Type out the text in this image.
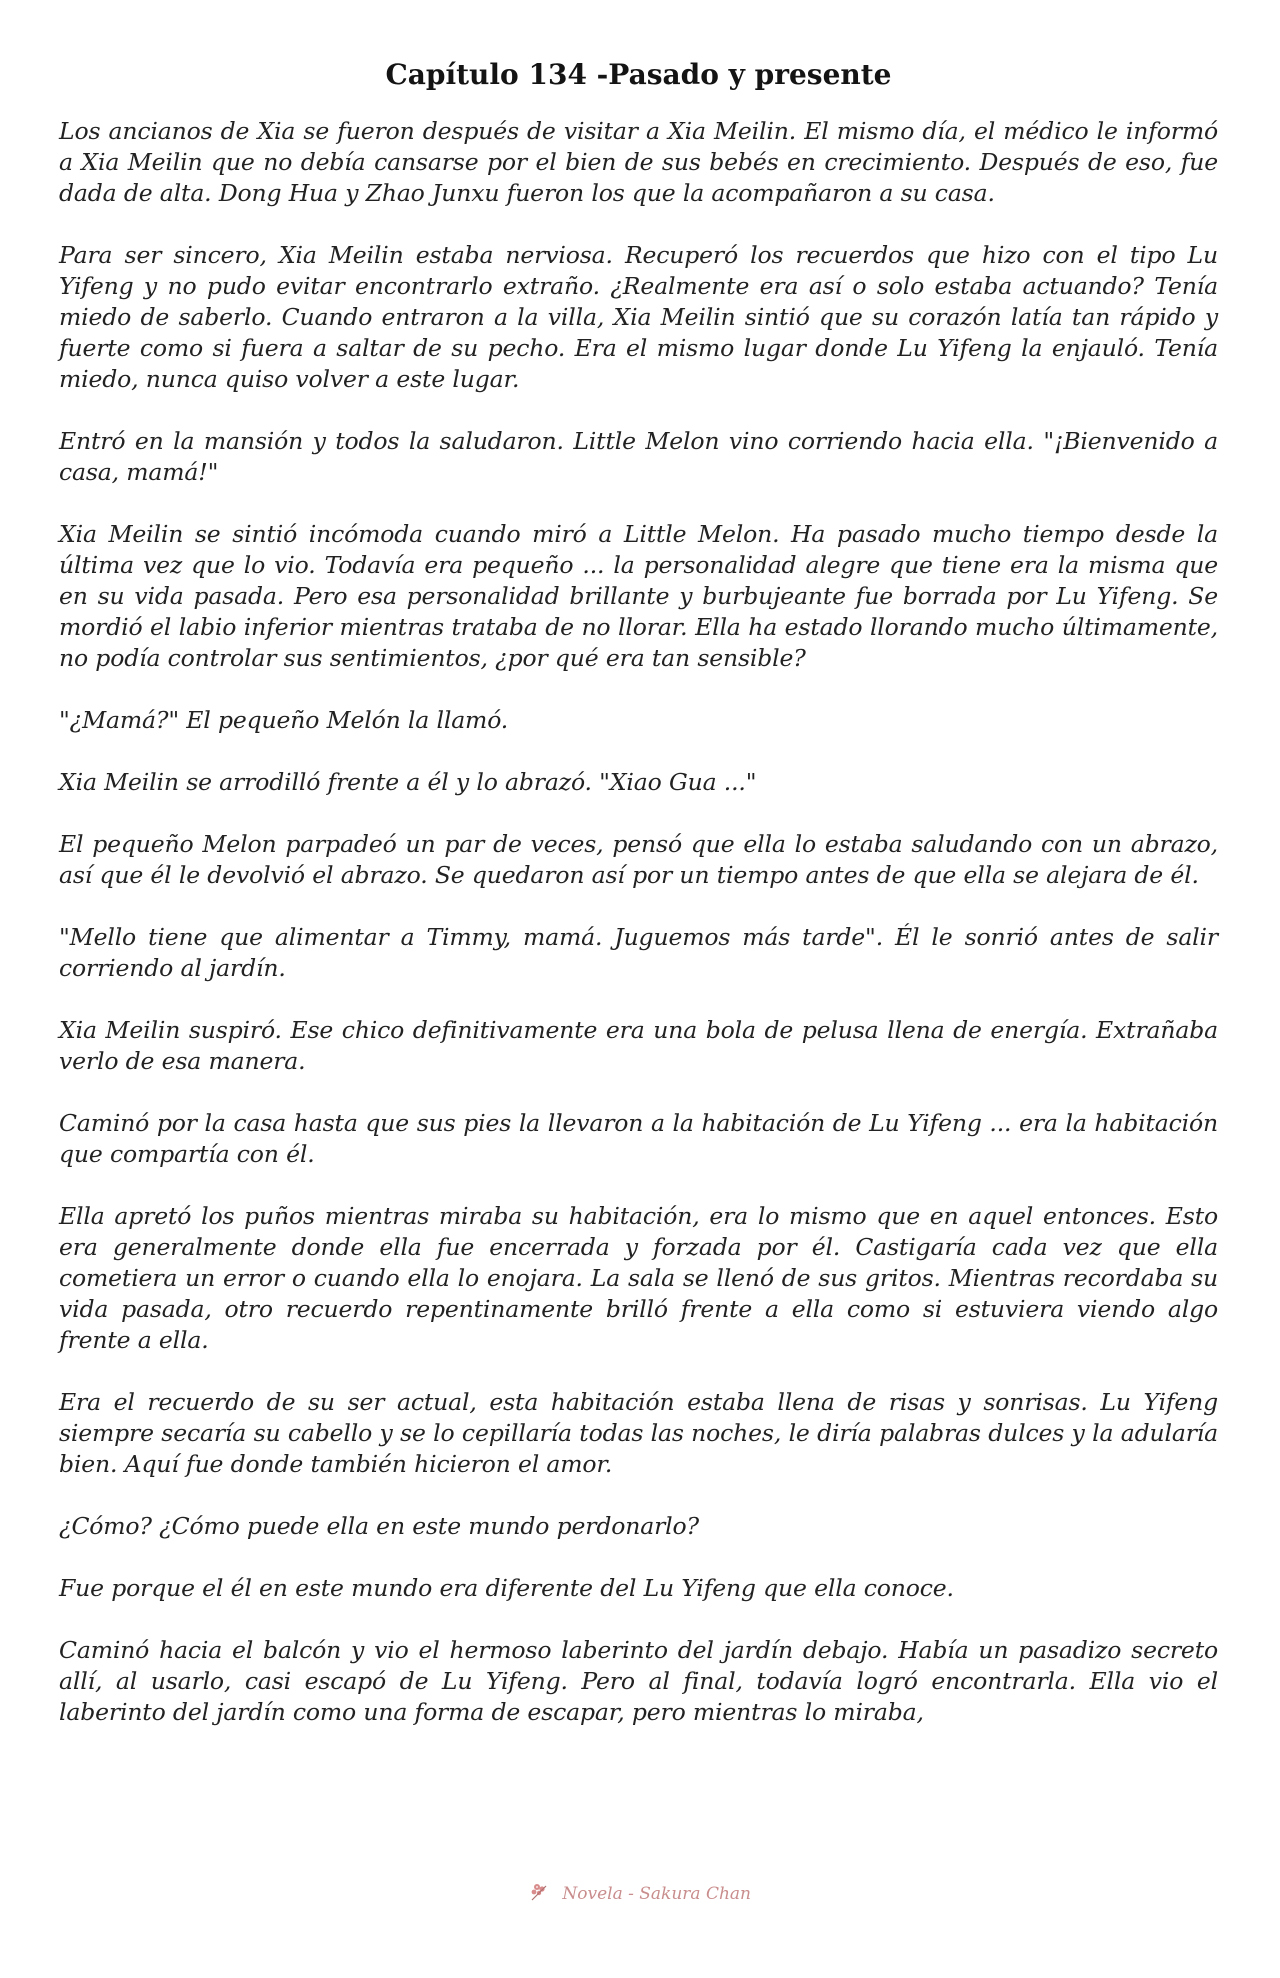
Capítulo 134 -Pasado y presente

Los ancianos de Xia se fueron después de visitar a Xia Meilin. El mismo día, el médico le informó a Xia Meilin que no debía cansarse por el bien de sus bebés en crecimiento. Después de eso, fue dada de alta. Dong Hua y Zhao Junxu fueron los que la acompañaron a su casa.

Para ser sincero, Xia Meilin estaba nerviosa. Recuperó los recuerdos que hizo con el tipo Lu Yifeng y no pudo evitar encontrarlo extraño. ¿Realmente era así o solo estaba actuando? Tenía miedo de saberlo. Cuando entraron a la villa, Xia Meilin sintió que su corazón latía tan rápido y fuerte como si fuera a saltar de su pecho. Era el mismo lugar donde Lu Yifeng la enjauló. Tenía miedo, nunca quiso volver a este lugar.

Entró en la mansión y todos la saludaron. Little Melon vino corriendo hacia ella. "¡Bienvenido a casa, mamá!"

Xia Meilin se sintió incómoda cuando miró a Little Melon. Ha pasado mucho tiempo desde la última vez que lo vio. Todavía era pequeño ... la personalidad alegre que tiene era la misma que en su vida pasada. Pero esa personalidad brillante y burbujeante fue borrada por Lu Yifeng. Se mordió el labio inferior mientras trataba de no llorar. Ella ha estado llorando mucho últimamente, no podía controlar sus sentimientos, ¿por qué era tan sensible?

"¿Mamá?" El pequeño Melón la llamó.

Xia Meilin se arrodilló frente a él y lo abrazó. "Xiao Gua ..."

El pequeño Melon parpadeó un par de veces, pensó que ella lo estaba saludando con un abrazo, así que él le devolvió el abrazo. Se quedaron así por un tiempo antes de que ella se alejara de él.

"Mello tiene que alimentar a Timmy, mamá. Juguemos más tarde". Él le sonrió antes de salir corriendo al jardín.

Xia Meilin suspiró. Ese chico definitivamente era una bola de pelusa llena de energía. Extrañaba verlo de esa manera.

Caminó por la casa hasta que sus pies la llevaron a la habitación de Lu Yifeng ... era la habitación que compartía con él.

Ella apretó los puños mientras miraba su habitación, era lo mismo que en aquel entonces. Esto era generalmente donde ella fue encerrada y forzada por él. Castigaría cada vez que ella cometiera un error o cuando ella lo enojara. La sala se llenó de sus gritos. Mientras recordaba su vida pasada, otro recuerdo repentinamente brilló frente a ella como si estuviera viendo algo frente a ella.

Era el recuerdo de su ser actual, esta habitación estaba llena de risas y sonrisas. Lu Yifeng siempre secaría su cabello y se lo cepillaría todas las noches, le diría palabras dulces y la adularía bien. Aquí fue donde también hicieron el amor.

¿Cómo? ¿Cómo puede ella en este mundo perdonarlo?

Fue porque el él en este mundo era diferente del Lu Yifeng que ella conoce.

Caminó hacia el balcón y vio el hermoso laberinto del jardín debajo. Había un pasadizo secreto allí, al usarlo, casi escapó de Lu Yifeng. Pero al final, todavía logró encontrarla. Ella vio el laberinto del jardín como una forma de escapar, pero mientras lo miraba,

Novela - Sakura Chan
